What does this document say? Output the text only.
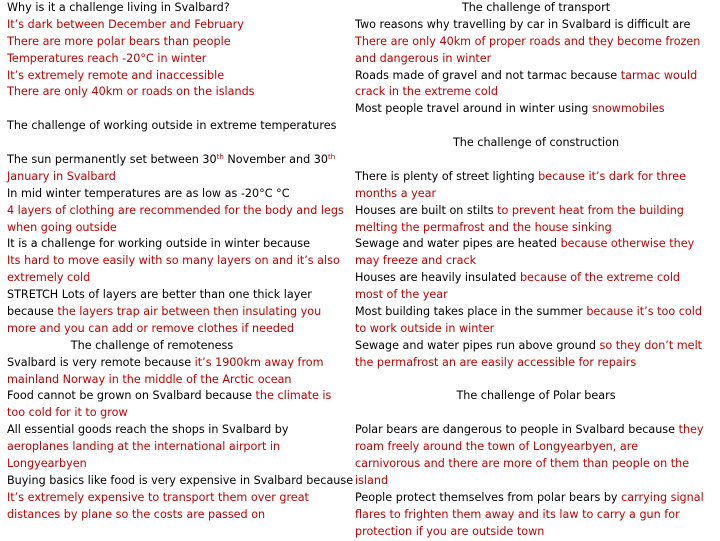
Why is it a challenge living in Svalbard?
It’s dark between December and February
There are more polar bears than people
Temperatures reach -20°C in winter
It’s extremely remote and inaccessible
There are only 40km or roads on the islands
The challenge of working outside in extreme temperatures
The sun permanently set between 30th November and 30th
January in Svalbard
In mid winter temperatures are as low as -20°C °C
4 layers of clothing are recommended for the body and legs
when going outside
It is a challenge for working outside in winter because
Its hard to move easily with so many layers on and it’s also
extremely cold
STRETCH Lots of layers are better than one thick layer
because the layers trap air between then insulating you
more and you can add or remove clothes if needed
The challenge of remoteness
Svalbard is very remote because it’s 1900km away from
mainland Norway in the middle of the Arctic ocean
Food cannot be grown on Svalbard because the climate is
too cold for it to grow
All essential goods reach the shops in Svalbard by
aeroplanes landing at the international airport in
Longyearbyen
Buying basics like food is very expensive in Svalbard because
It’s extremely expensive to transport them over great
distances by plane so the costs are passed on
The challenge of transport
Two reasons why travelling by car in Svalbard is difficult are
There are only 40km of proper roads and they become frozen
and dangerous in winter
Roads made of gravel and not tarmac because tarmac would
crack in the extreme cold
Most people travel around in winter using snowmobiles
The challenge of construction
There is plenty of street lighting because it’s dark for three
months a year
Houses are built on stilts to prevent heat from the building
melting the permafrost and the house sinking
Sewage and water pipes are heated because otherwise they
may freeze and crack
Houses are heavily insulated because of the extreme cold
most of the year
Most building takes place in the summer because it’s too cold
to work outside in winter
Sewage and water pipes run above ground so they don’t melt
the permafrost an are easily accessible for repairs
The challenge of Polar bears
Polar bears are dangerous to people in Svalbard because they
roam freely around the town of Longyearbyen, are
carnivorous and there are more of them than people on the
island
People protect themselves from polar bears by carrying signal
flares to frighten them away and its law to carry a gun for
protection if you are outside town
